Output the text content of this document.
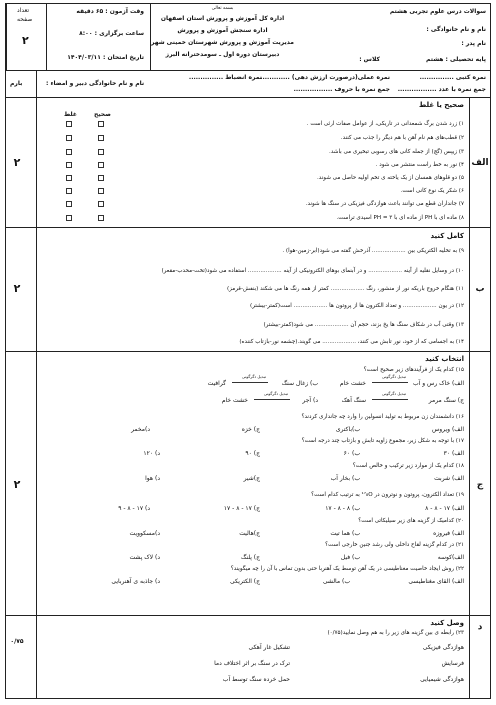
تعداد
صفحه
۲
وقت آزمون : ۶۵ دقیقه
ساعت برگزاری : ۸:۰۰
تاریخ امتحان : ۱۴۰۴/۰۳/۱۱
بسمه تعالی
اداره کل آموزش و پرورش استان اصفهان
اداره سنجش آموزش و پرورش
مدیریت آموزش و پرورش شهرستان خمینی شهر
دبیرستان دوره اول ـ سومدخترانه البرز
سوالات درس علوم تجربی هشتم
نام و نام خانوادگی :
نام پدر :
پایه تحصیلی : هشتم
کلاس :
نمره کتبی ...............
نمره عملی(درصورت ارزش دهی) .............
نمره انضباط ...............
جمع نمره با عدد .................
جمع نمره با حروف .................
نام و نام خانوادگی دبیر و امضاء :
بارم
الف
۲
صحیح یا غلط
صحیح
غلط
۱) زرد شدن برگ شمعدانی در تاریکی، از عوامل صفات ارثی است .
۲) قطب‌های هم نام آهن با هم دیگر را جذب می کنند.
۳) زیپس (گچ) از جمله کانی های رسوبی تبخیری می باشد.
۴) نور به خط راست منتشر می شود .
۵) دو قلوهای همسان از یک یاخته ی تخم اولیه حاصل می شوند.
۶) شکر یک نوع کانی است.
۷) جانداران قطع می توانند باعث هوازدگی فیزیکی در سنگ ها شوند.
۸) ماده ای با PH از ماده ای با PH = ۳ اسیدی تراست.
ب
۲
کامل کنید
۹) به تخلیه الکتریکی بین ................... آذرخش گفته می شود(ابر-زمین-هوا) .
۱۰) در وسایل نقلیه از آینه ................... و در آبنمای بوهای الکترونیکی از آینه ................... استفاده می شود(تخت-محدب-مقعر)
۱۱) هنگام خروج باریکه نور از منشور، رنگ ................... کمتر از همه رنگ ها می شکند (بنفش-قرمز)
۱۲) در یون ................... و تعداد الکترون ها از پروتون ها ................... است(کمتر-بیشتر)
۱۳) وقتی آب در شکاف سنگ ها یخ بزند، حجم آن ................... می شود(کمتر-بیشتر)
۱۴) به اجسامی که از خود، نور تابش می کنند، ................... می گویند.(چشمه نور-بازتاب کننده)
ج
۲
انتخاب کنید
۱۵) کدام یک از فرآیندهای زیر صحیح است؟
الف) خاک رس و آب
تبدیل دگرگونی
خشت خام
ب) زغال سنگ
تبدیل دگرگونی
گرافیت
ج) سنگ مرمر
تبدیل دگرگونی
سنگ آهک
د) آجر
تبدیل دگرگونی
خشت خام
۱۶) دانشمندان زن مربوط به تولید انسولین را وارد چه جانداری کردند؟
الف) ویروس
ب)باکتری
ج) خزه
د)مخمر
۱۷) با توجه به شکل زیر، مجموع زاویه تابش و بازتاب چند درجه است؟
الف) ۳۰
ب) ۶۰
ج) ۹۰
د) ۱۲۰
۱۸) کدام یک از موارد زیر ترکیب و خالص است؟
الف) شربت
ب) بخار آب
ج)شیر
د) هوا
۱۹) تعداد الکترون، پروتون و نوترون در ‎¹⁷₈O به ترتیب کدام است؟
الف) ۱۷ - ۸ - ۸
ب) ۸ - ۸ - ۱۷
ج) ۱۷ - ۸ - ۱۷
د) ۱۷ - ۸ - ۹
۲۰) کدامیک از گزینه های زیر سیلیکاتی است؟
الف) فیروزه
ب) هما تیت
ج)هالیت
د)مسکوویت
۲۱) در کدام گزینه لقاح داخلی ولی رشد جنین خارجی است؟
الف)کوسه
ب) فیل
ج) پلنگ
د) لاک پشت
۲۲) روش ایجاد خاصیت مغناطیسی در یک آهن توسط یک آهنربا حتی بدون تماس با آن را چه میگویند؟
الف) القای مغناطیسی
ب) مالشی
ج) الکتریکی
د) جاذبه ی آهنربایی
د
۰/۷۵
وصل کنید
۲۳) رابطه ی بین گزینه های زیر را به هم وصل نمایید(۰/۷۵)
هوازدگی فیزیکی
فرسایش
هوازدگی شیمیایی
تشکیل غار آهکی
ترک در سنگ بر اثر اختلاف دما
حمل خرده سنگ توسط آب
